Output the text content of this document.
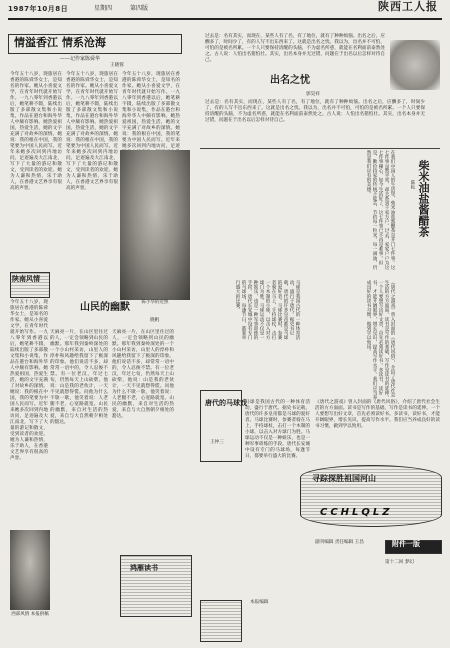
1987年10月8日	星期四	第四版	陕西工人报
情溢香江 情系沧海
——记作家陈舜华
王晓蓉
今年五十八岁，现旅居在香港的陈舜华女士，是知名的作家。她从小喜爱文学，在青年时代就开始写作。一九八零年到香港以后，她笔耕不辍，陆续出版了多部散文集和小说集，作品在港台和海外华人中颇有影响。她热爱祖国，热爱生活，她的文字充满了对故乡的深情。她说：我的根在中国，我的笔要为中国人民而写。近年来她多次回到内地访问，足迹遍及大江南北，写下了大量的游记和散文，受到读者的欢迎。她为人谦和热情，乐于助人，在香港文艺界享有很高的声誉。
今年五十八岁，现旅居在香港的陈舜华女士，是知名的作家。她从小喜爱文学，在青年时代就开始写作。一九八零年到香港以后，她笔耕不辍，陆续出版了多部散文集和小说集，作品在港台和海外华人中颇有影响。她热爱祖国，热爱生活，她的文字充满了对故乡的深情。她说：我的根在中国，我的笔要为中国人民而写。近年来她多次回到内地访问，足迹遍及大江南北，写下了大量的游记和散文，受到读者的欢迎。她为人谦和热情，乐于助人，在香港文艺界享有很高的声誉。
今年五十八岁，现旅居在香港的陈舜华女士，是知名的作家。她从小喜爱文学，在青年时代就开始写作。一九八零年到香港以后，她笔耕不辍，陆续出版了多部散文集和小说集，作品在港台和海外华人中颇有影响。她热爱祖国，热爱生活，她的文字充满了对故乡的深情。她说：我的根在中国，我的笔要为中国人民而写。近年来她多次回到内地访问，足迹
陈小华的近照
陕南风情
山民的幽默
晓帆
天麻亮一片，在山区里住过的人，一定会领略到山民的幽默。那年我到秦岭深处的一个小山村采访，山里人的淳朴和风趣给我留下了极深的印象。他们说话不多，却常常一语中的，令人忍俊不禁。有一位老汉，年过七旬，仍然每天上山砍柴，他说：山是我的老伙计，一天不见就想得慌。问他为什么不歇一歇，他笑着说：人老腿不老，心宽路就宽。山民的幽默，来自对生活的热爱，来自与大自然朝夕相处的豁达。
天麻亮一片，在山区里住过的人，一定会领略到山民的幽默。那年我到秦岭深处的一个小山村采访，山里人的淳朴和风趣给我留下了极深的印象。他们说话不多，却常常一语中的，令人忍俊不禁。有一位老汉，年过七旬，仍然每天上山砍柴，他说：山是我的老伙计，一天不见就想得慌。问他为什么不歇一歇，他笑着说：人老腿不老，心宽路就宽。山民的幽默，来自对生活的热爱，来自与大自然朝夕相处的豁达。
今年五十八岁，现旅居在香港的陈舜华女士，是知名的作家。她从小喜爱文学，在青年时代就开始写作。一九八零年到香港以后，她笔耕不辍，陆续出版了多部散文集和小说集，作品在港台和海外华人中颇有影响。她热爱祖国，热爱生活，她的文字充满了对故乡的深情。她说：我的根在中国，我的笔要为中国人民而写。近年来她多次回到内地访问，足迹遍及大江南北，写下了大量的游记和散文，受到读者的欢迎。她为人谦和热情，乐于助人，在香港文艺界享有很高的声誉。
西部风情 本报供稿
鸿雁读书
过去是：名有其实，而现在，某些人有了名，有了地位，就有了种种烦恼。出名之后，应酬多了，时间少了，有的人写不出东西来了。这就是出名之忧。我以为，出名并不可怕，可怕的是被名所累。一个人只要保持清醒的头脑，不为虚名所惑，就能在名利面前泰然处之。古人说：人怕出名猪怕壮。其实，出名本身并无过错，问题在于出名以后怎样对待自己。
出名之忧
郭昊祥
过去是：名有其实，而现在，某些人有了名，有了地位，就有了种种烦恼。出名之后，应酬多了，时间少了，有的人写不出东西来了。这就是出名之忧。我以为，出名并不可怕，可怕的是被名所累。一个人只要保持清醒的头脑，不为虚名所惑，就能在名利面前泰然处之。古人说：人怕出名猪怕壮。其实，出名本身并无过错，问题在于出名以后怎样对待自己。
在我们中国人的生活里，柴米油盐酱醋茶是开门七件事。这七件事虽然平常，却关系到千家万户。过去，家家户户为这七件事操心，如今生活好了，这七件事已不再是难事。但是，勤俭持家的传统不能丢，节约每一粒米，每一滴油，仍然是我们应有的美德。	柴米油盐酱醋茶
陈耘
马球是我国古代的一种体育活动，盛行于唐代。据史书记载，唐代的许多皇帝都是马球的爱好者。马球比赛时，参赛者骑在马上，手持球杖，击打一个木制的小球，以击入对方球门为胜。马球运动不仅是一种娱乐，也是一种军事训练的手段。唐代长安城中设有专门的马球场，每逢节日，都要举行盛大的比赛。	《唐代之游戏》曾入封面的《唐代风俗》，介绍了唐代社会生活的方方面面。读书是写作的基础，写作是读书的延伸。一个人要想写出好文章，首先必须读好书。多读书，读好书，才能开阔眼界，增长见识，提高写作水平。我们应当养成良好的读书习惯，做到学以致用。
唐代的马球戏
王仲三
马球是我国古代的一种体育活动，盛行于唐代。据史书记载，唐代的许多皇帝都是马球的爱好者。马球比赛时，参赛者骑在马上，手持球杖，击打一个木制的小球，以击入对方球门为胜。马球运动不仅是一种娱乐，也是一种军事训练的手段。唐代长安城中设有专门的马球场，每逢节日，都要举行盛大的比赛。
《唐代之游戏》曾入封面的《唐代风俗》，介绍了唐代社会生活的方方面面。读书是写作的基础，写作是读书的延伸。一个人要想写出好文章，首先必须读好书。多读书，读好书，才能开阔眼界，增长见识，提高写作水平。我们应当养成良好的读书习惯，做到学以致用。
寻踪探胜祖国河山
CCHLQLZ
副刊编辑 责任编辑 王昌	附件一版
第十二回 梦幻
本报编辑
